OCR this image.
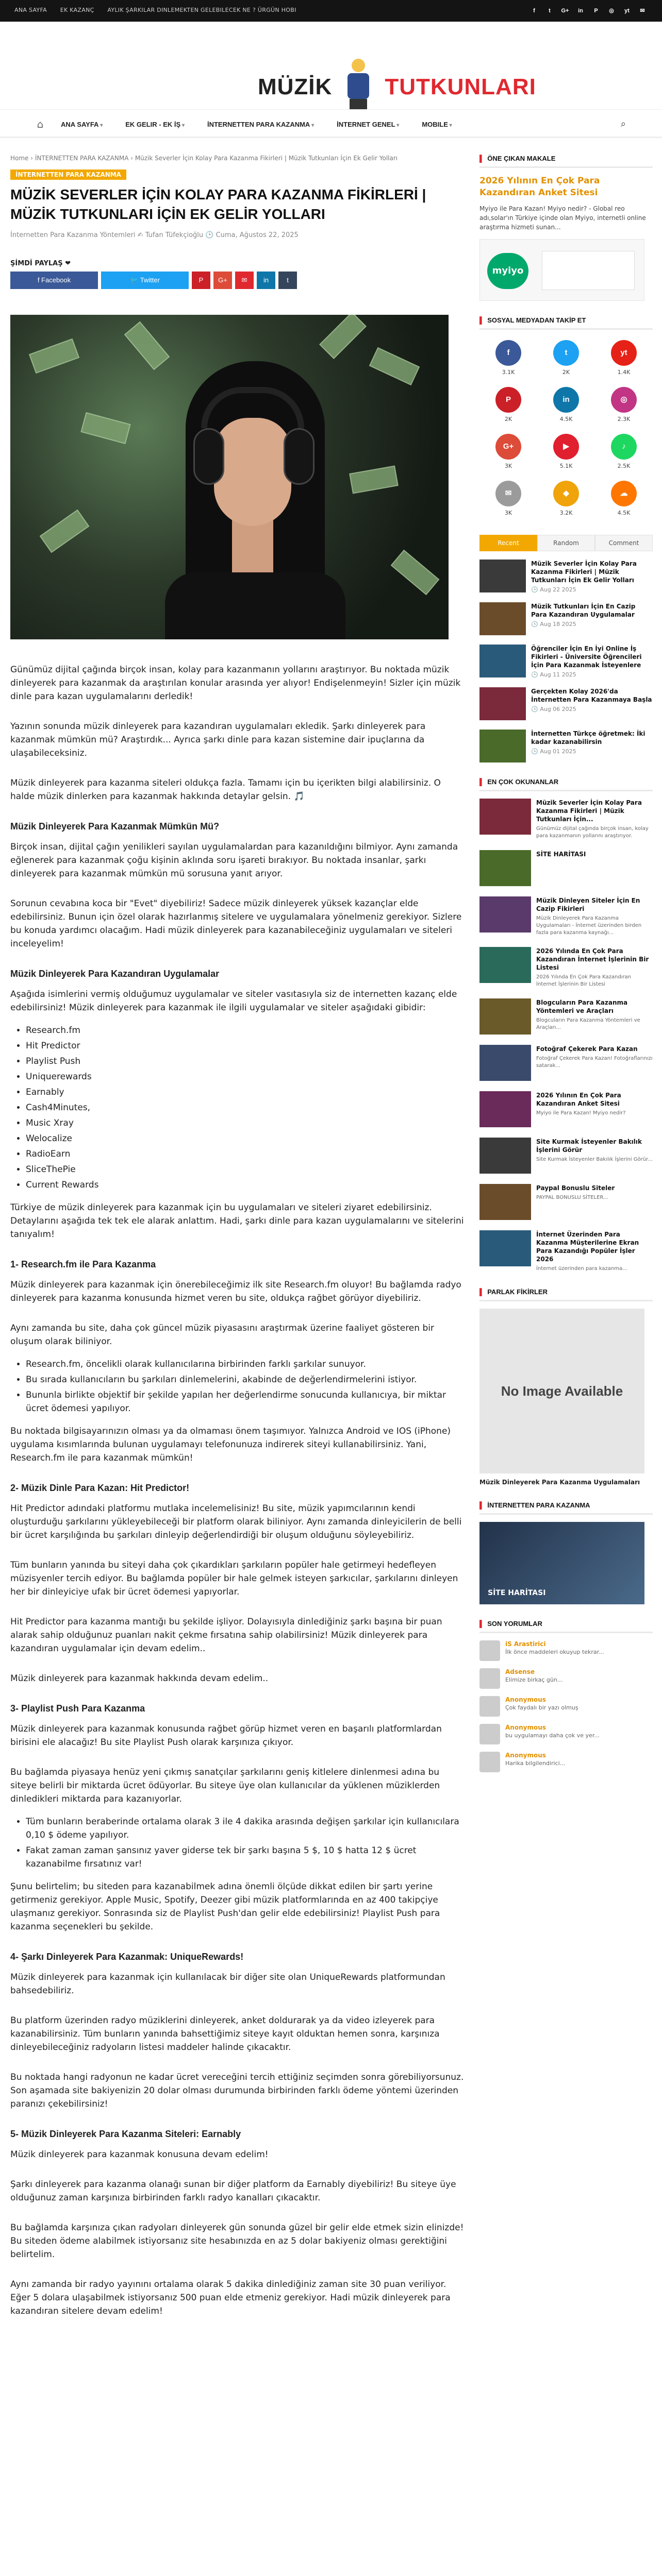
ANA SAYFA EK KAZANÇ AYLIK ŞARKILAR DINLEMEKTEN GELEBILECEK NE ? ÜRGÜN HOBI	f	t	G+	in	P	◎	yt	✉
MÜZİK TUTKUNLARI
⌂	ANA SAYFA ▾	EK GELIR - EK İŞ ▾	İNTERNETTEN PARA KAZANMA ▾	İNTERNET GENEL ▾	MOBILE ▾	⌕
Home › İNTERNETTEN PARA KAZANMA › Müzik Severler İçin Kolay Para Kazanma Fikirleri | Müzik Tutkunları İçin Ek Gelir Yolları
İNTERNETTEN PARA KAZANMA
MÜZİK SEVERLER İÇİN KOLAY PARA KAZANMA FİKİRLERİ | MÜZİK TUTKUNLARI İÇİN EK GELİR YOLLARI
İnternetten Para Kazanma Yöntemleri ✍ Tufan Tüfekçioğlu 🕒 Cuma, Ağustos 22, 2025
ŞİMDİ PAYLAŞ ❤
f Facebook	🐦 Twitter	P	G+	✉	in	t

Günümüz dijital çağında birçok insan, kolay para kazanmanın yollarını araştırıyor. Bu noktada müzik dinleyerek para kazanmak da araştırılan konular arasında yer alıyor! Endişelenmeyin! Sizler için müzik dinle para kazan uygulamalarını derledik!

Yazının sonunda müzik dinleyerek para kazandıran uygulamaları ekledik. Şarkı dinleyerek para kazanmak mümkün mü? Araştırdık... Ayrıca şarkı dinle para kazan sistemine dair ipuçlarına da ulaşabileceksiniz.

Müzik dinleyerek para kazanma siteleri oldukça fazla. Tamamı için bu içerikten bilgi alabilirsiniz. O halde müzik dinlerken para kazanmak hakkında detaylar gelsin. 🎵

Müzik Dinleyerek Para Kazanmak Mümkün Mü?

Birçok insan, dijital çağın yenilikleri sayılan uygulamalardan para kazanıldığını bilmiyor. Aynı zamanda eğlenerek para kazanmak çoğu kişinin aklında soru işareti bırakıyor. Bu noktada insanlar, şarkı dinleyerek para kazanmak mümkün mü sorusuna yanıt arıyor.

Sorunun cevabına koca bir "Evet" diyebiliriz! Sadece müzik dinleyerek yüksek kazançlar elde edebilirsiniz. Bunun için özel olarak hazırlanmış sitelere ve uygulamalara yönelmeniz gerekiyor. Sizlere bu konuda yardımcı olacağım. Hadi müzik dinleyerek para kazanabileceğiniz uygulamaları ve siteleri inceleyelim!

Müzik Dinleyerek Para Kazandıran Uygulamalar

Aşağıda isimlerini vermiş olduğumuz uygulamalar ve siteler vasıtasıyla siz de internetten kazanç elde edebilirsiniz! Müzik dinleyerek para kazanmak ile ilgili uygulamalar ve siteler aşağıdaki gibidir:

• Research.fm
• Hit Predictor
• Playlist Push
• Uniquerewards
• Earnably
• Cash4Minutes,
• Music Xray
• Welocalize
• RadioEarn
• SliceThePie
• Current Rewards

Türkiye de müzik dinleyerek para kazanmak için bu uygulamaları ve siteleri ziyaret edebilirsiniz. Detaylarını aşağıda tek tek ele alarak anlattım. Hadi, şarkı dinle para kazan uygulamalarını ve sitelerini tanıyalım!

1- Research.fm ile Para Kazanma

Müzik dinleyerek para kazanmak için önerebileceğimiz ilk site Research.fm oluyor! Bu bağlamda radyo dinleyerek para kazanma konusunda hizmet veren bu site, oldukça rağbet görüyor diyebiliriz.

Aynı zamanda bu site, daha çok güncel müzik piyasasını araştırmak üzerine faaliyet gösteren bir oluşum olarak biliniyor.

• Research.fm, öncelikli olarak kullanıcılarına birbirinden farklı şarkılar sunuyor.
• Bu sırada kullanıcıların bu şarkıları dinlemelerini, akabinde de değerlendirmelerini istiyor.
• Bununla birlikte objektif bir şekilde yapılan her değerlendirme sonucunda kullanıcıya, bir miktar ücret ödemesi yapılıyor.

Bu noktada bilgisayarınızın olması ya da olmaması önem taşımıyor. Yalnızca Android ve IOS (iPhone) uygulama kısımlarında bulunan uygulamayı telefonunuza indirerek siteyi kullanabilirsiniz. Yani, Research.fm ile para kazanmak mümkün!

2- Müzik Dinle Para Kazan: Hit Predictor!

Hit Predictor adındaki platformu mutlaka incelemelisiniz! Bu site, müzik yapımcılarının kendi oluşturduğu şarkılarını yükleyebileceği bir platform olarak biliniyor. Aynı zamanda dinleyicilerin de belli bir ücret karşılığında bu şarkıları dinleyip değerlendirdiği bir oluşum olduğunu söyleyebiliriz.

Tüm bunların yanında bu siteyi daha çok çıkardıkları şarkıların popüler hale getirmeyi hedefleyen müzisyenler tercih ediyor. Bu bağlamda popüler bir hale gelmek isteyen şarkıcılar, şarkılarını dinleyen her bir dinleyiciye ufak bir ücret ödemesi yapıyorlar.

Hit Predictor para kazanma mantığı bu şekilde işliyor. Dolayısıyla dinlediğiniz şarkı başına bir puan alarak sahip olduğunuz puanları nakit çekme fırsatına sahip olabilirsiniz! Müzik dinleyerek para kazandıran uygulamalar için devam edelim..

Müzik dinleyerek para kazanmak hakkında devam edelim..

3- Playlist Push Para Kazanma

Müzik dinleyerek para kazanmak konusunda rağbet görüp hizmet veren en başarılı platformlardan birisini ele alacağız! Bu site Playlist Push olarak karşınıza çıkıyor.

Bu bağlamda piyasaya henüz yeni çıkmış sanatçılar şarkılarını geniş kitlelere dinlenmesi adına bu siteye belirli bir miktarda ücret ödüyorlar. Bu siteye üye olan kullanıcılar da yüklenen müziklerden dinledikleri miktarda para kazanıyorlar.

• Tüm bunların beraberinde ortalama olarak 3 ile 4 dakika arasında değişen şarkılar için kullanıcılara 0,10 $ ödeme yapılıyor.
• Fakat zaman zaman şansınız yaver giderse tek bir şarkı başına 5 $, 10 $ hatta 12 $ ücret kazanabilme fırsatınız var!

Şunu belirtelim; bu siteden para kazanabilmek adına önemli ölçüde dikkat edilen bir şartı yerine getirmeniz gerekiyor. Apple Music, Spotify, Deezer gibi müzik platformlarında en az 400 takipçiye ulaşmanız gerekiyor. Sonrasında siz de Playlist Push'dan gelir elde edebilirsiniz! Playlist Push para kazanma seçenekleri bu şekilde.

4- Şarkı Dinleyerek Para Kazanmak: UniqueRewards!

Müzik dinleyerek para kazanmak için kullanılacak bir diğer site olan UniqueRewards platformundan bahsedebiliriz.

Bu platform üzerinden radyo müziklerini dinleyerek, anket doldurarak ya da video izleyerek para kazanabilirsiniz. Tüm bunların yanında bahsettiğimiz siteye kayıt olduktan hemen sonra, karşınıza dinleyebileceğiniz radyoların listesi maddeler halinde çıkacaktır.

Bu noktada hangi radyonun ne kadar ücret vereceğini tercih ettiğiniz seçimden sonra görebiliyorsunuz. Son aşamada site bakiyenizin 20 dolar olması durumunda birbirinden farklı ödeme yöntemi üzerinden paranızı çekebilirsiniz!

5- Müzik Dinleyerek Para Kazanma Siteleri: Earnably

Müzik dinleyerek para kazanmak konusuna devam edelim!

Şarkı dinleyerek para kazanma olanağı sunan bir diğer platform da Earnably diyebiliriz! Bu siteye üye olduğunuz zaman karşınıza birbirinden farklı radyo kanalları çıkacaktır.

Bu bağlamda karşınıza çıkan radyoları dinleyerek gün sonunda güzel bir gelir elde etmek sizin elinizde! Bu siteden ödeme alabilmek istiyorsanız site hesabınızda en az 5 dolar bakiyeniz olması gerektiğini belirtelim.

Aynı zamanda bir radyo yayınını ortalama olarak 5 dakika dinlediğiniz zaman site 30 puan veriliyor. Eğer 5 dolara ulaşabilmek istiyorsanız 500 puan elde etmeniz gerekiyor. Hadi müzik dinleyerek para kazandıran sitelere devam edelim!

▌ ÖNE ÇIKAN MAKALE
2026 Yılının En Çok Para Kazandıran Anket Sitesi
Myiyo ile Para Kazan! Myiyo nedir? - Global reo adı,solar'ın Türkiye içinde olan Myiyo, internetli online araştırma hizmeti sunan...
myiyo
▌ SOSYAL MEDYADAN TAKİP ET
f
3.1K
t
2K
yt
1.4K
P
2K
in
4.5K
◎
2.3K
G+
3K
▶
5.1K
♪
2.5K
✉
3K
◆
3.2K
☁
4.5K
Recent	Random	Comment
Müzik Severler İçin Kolay Para Kazanma Fikirleri | Müzik Tutkunları İçin Ek Gelir Yolları
🕒 Aug 22 2025
Müzik Tutkunları İçin En Cazip Para Kazandıran Uygulamalar
🕒 Aug 18 2025
Öğrenciler İçin En İyi Online İş Fikirleri - Üniversite Öğrencileri İçin Para Kazanmak İsteyenlere
🕒 Aug 11 2025
Gerçekten Kolay 2026'da İnternetten Para Kazanmaya Başla
🕒 Aug 06 2025
İnternetten Türkçe öğretmek: İki kadar kazanabilirsin
🕒 Aug 01 2025
▌ EN ÇOK OKUNANLAR
Müzik Severler İçin Kolay Para Kazanma Fikirleri | Müzik Tutkunları İçin...
Günümüz dijital çağında birçok insan, kolay para kazanmanın yollarını araştırıyor.
SİTE HARİTASI
Müzik Dinleyen Siteler İçin En Cazip Fikirleri
Müzik Dinleyerek Para Kazanma Uygulamaları - İnternet üzerinden birden fazla para kazanma kaynağı...
2026 Yılında En Çok Para Kazandıran İnternet İşlerinin Bir Listesi
2026 Yılında En Çok Para Kazandıran İnternet İşlerinin Bir Listesi
Blogcuların Para Kazanma Yöntemleri ve Araçları
Blogcuların Para Kazanma Yöntemleri ve Araçları...
Fotoğraf Çekerek Para Kazan
Fotoğraf Çekerek Para Kazan! Fotoğraflarınızı satarak...
2026 Yılının En Çok Para Kazandıran Anket Sitesi
Myiyo ile Para Kazan! Myiyo nedir?
Site Kurmak İsteyenler Bakılık İşlerini Görür
Site Kurmak İsteyenler Bakılık İşlerini Görür...
Paypal Bonuslu Siteler
PAYPAL BONUSLU SİTELER...
İnternet Üzerinden Para Kazanma Müşterilerine Ekran Para Kazandığı Popüler İşler 2026
İnternet üzerinden para kazanma...
▌ PARLAK FİKİRLER
No Image Available
Müzik Dinleyerek Para Kazanma Uygulamaları
▌ İNTERNETTEN PARA KAZANMA
SİTE HARİTASI
▌ SON YORUMLAR
iS Arastirici
İlk önce maddeleri okuyup tekrar...
Adsense
Elimize birkaç gün...
Anonymous
Çok faydalı bir yazı olmuş
Anonymous
bu uygulamayı daha çok ve yer...
Anonymous
Harika bilgilendirici...
